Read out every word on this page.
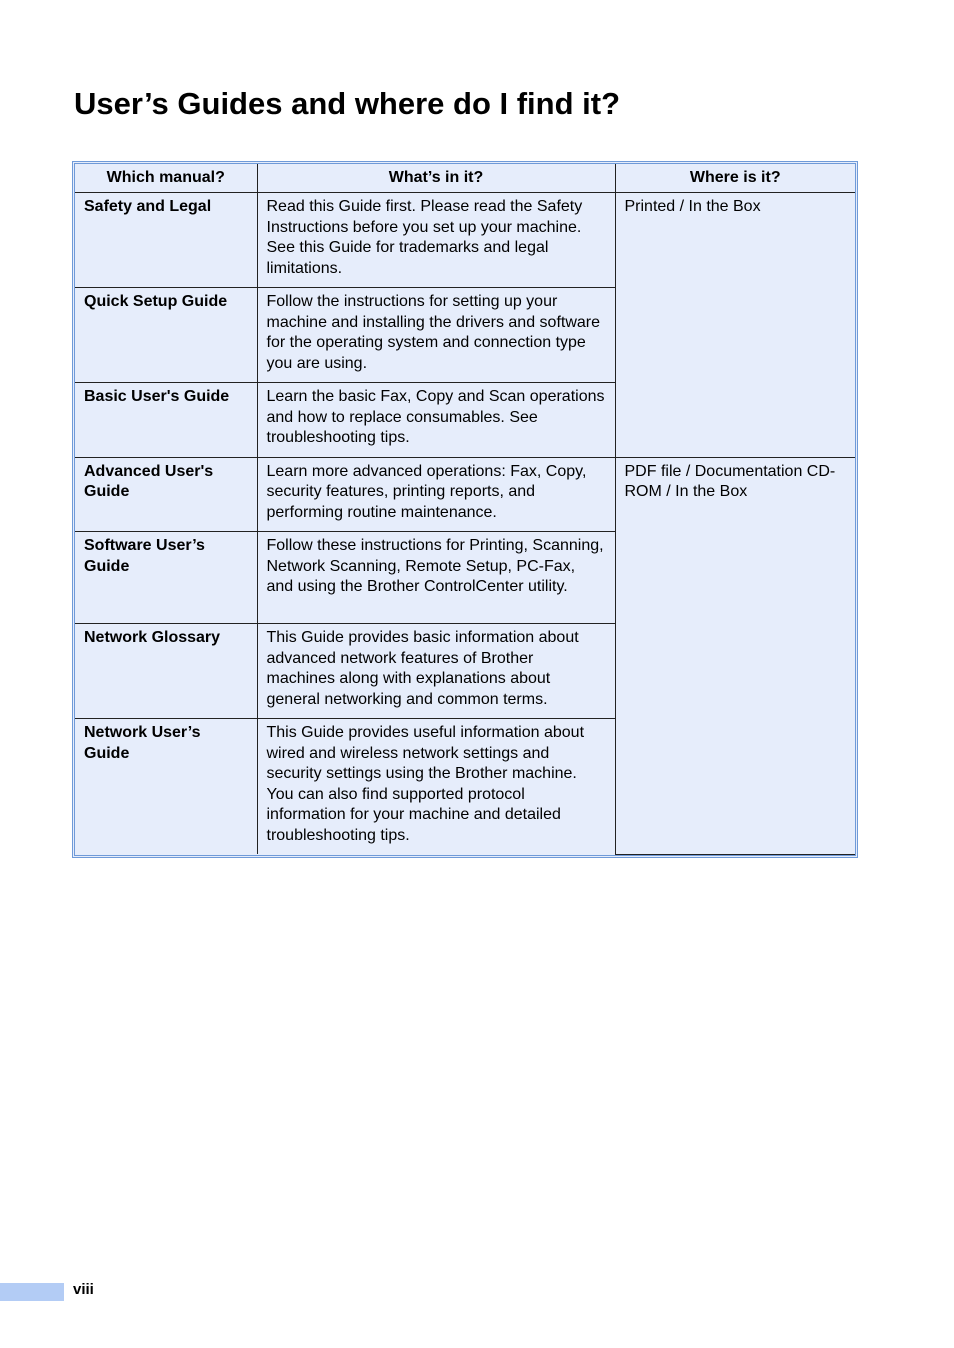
User’s Guides and where do I find it?
Which manual?	What’s in it?	Where is it?
Safety and Legal	Read this Guide first. Please read the Safety Instructions before you set up your machine. See this Guide for trademarks and legal limitations.	Printed / In the Box
Quick Setup Guide	Follow the instructions for setting up your machine and installing the drivers and software for the operating system and connection type you are using.	
Basic User's Guide	Learn the basic Fax, Copy and Scan operations and how to replace consumables. See troubleshooting tips.	
Advanced User's Guide	Learn more advanced operations: Fax, Copy, security features, printing reports, and performing routine maintenance.	PDF file / Documentation CD-ROM / In the Box
Software User’s Guide	Follow these instructions for Printing, Scanning, Network Scanning, Remote Setup, PC-Fax, and using the Brother ControlCenter utility.	
Network Glossary	This Guide provides basic information about advanced network features of Brother machines along with explanations about general networking and common terms.	
Network User’s Guide	This Guide provides useful information about wired and wireless network settings and security settings using the Brother machine. You can also find supported protocol information for your machine and detailed troubleshooting tips.	
viii
